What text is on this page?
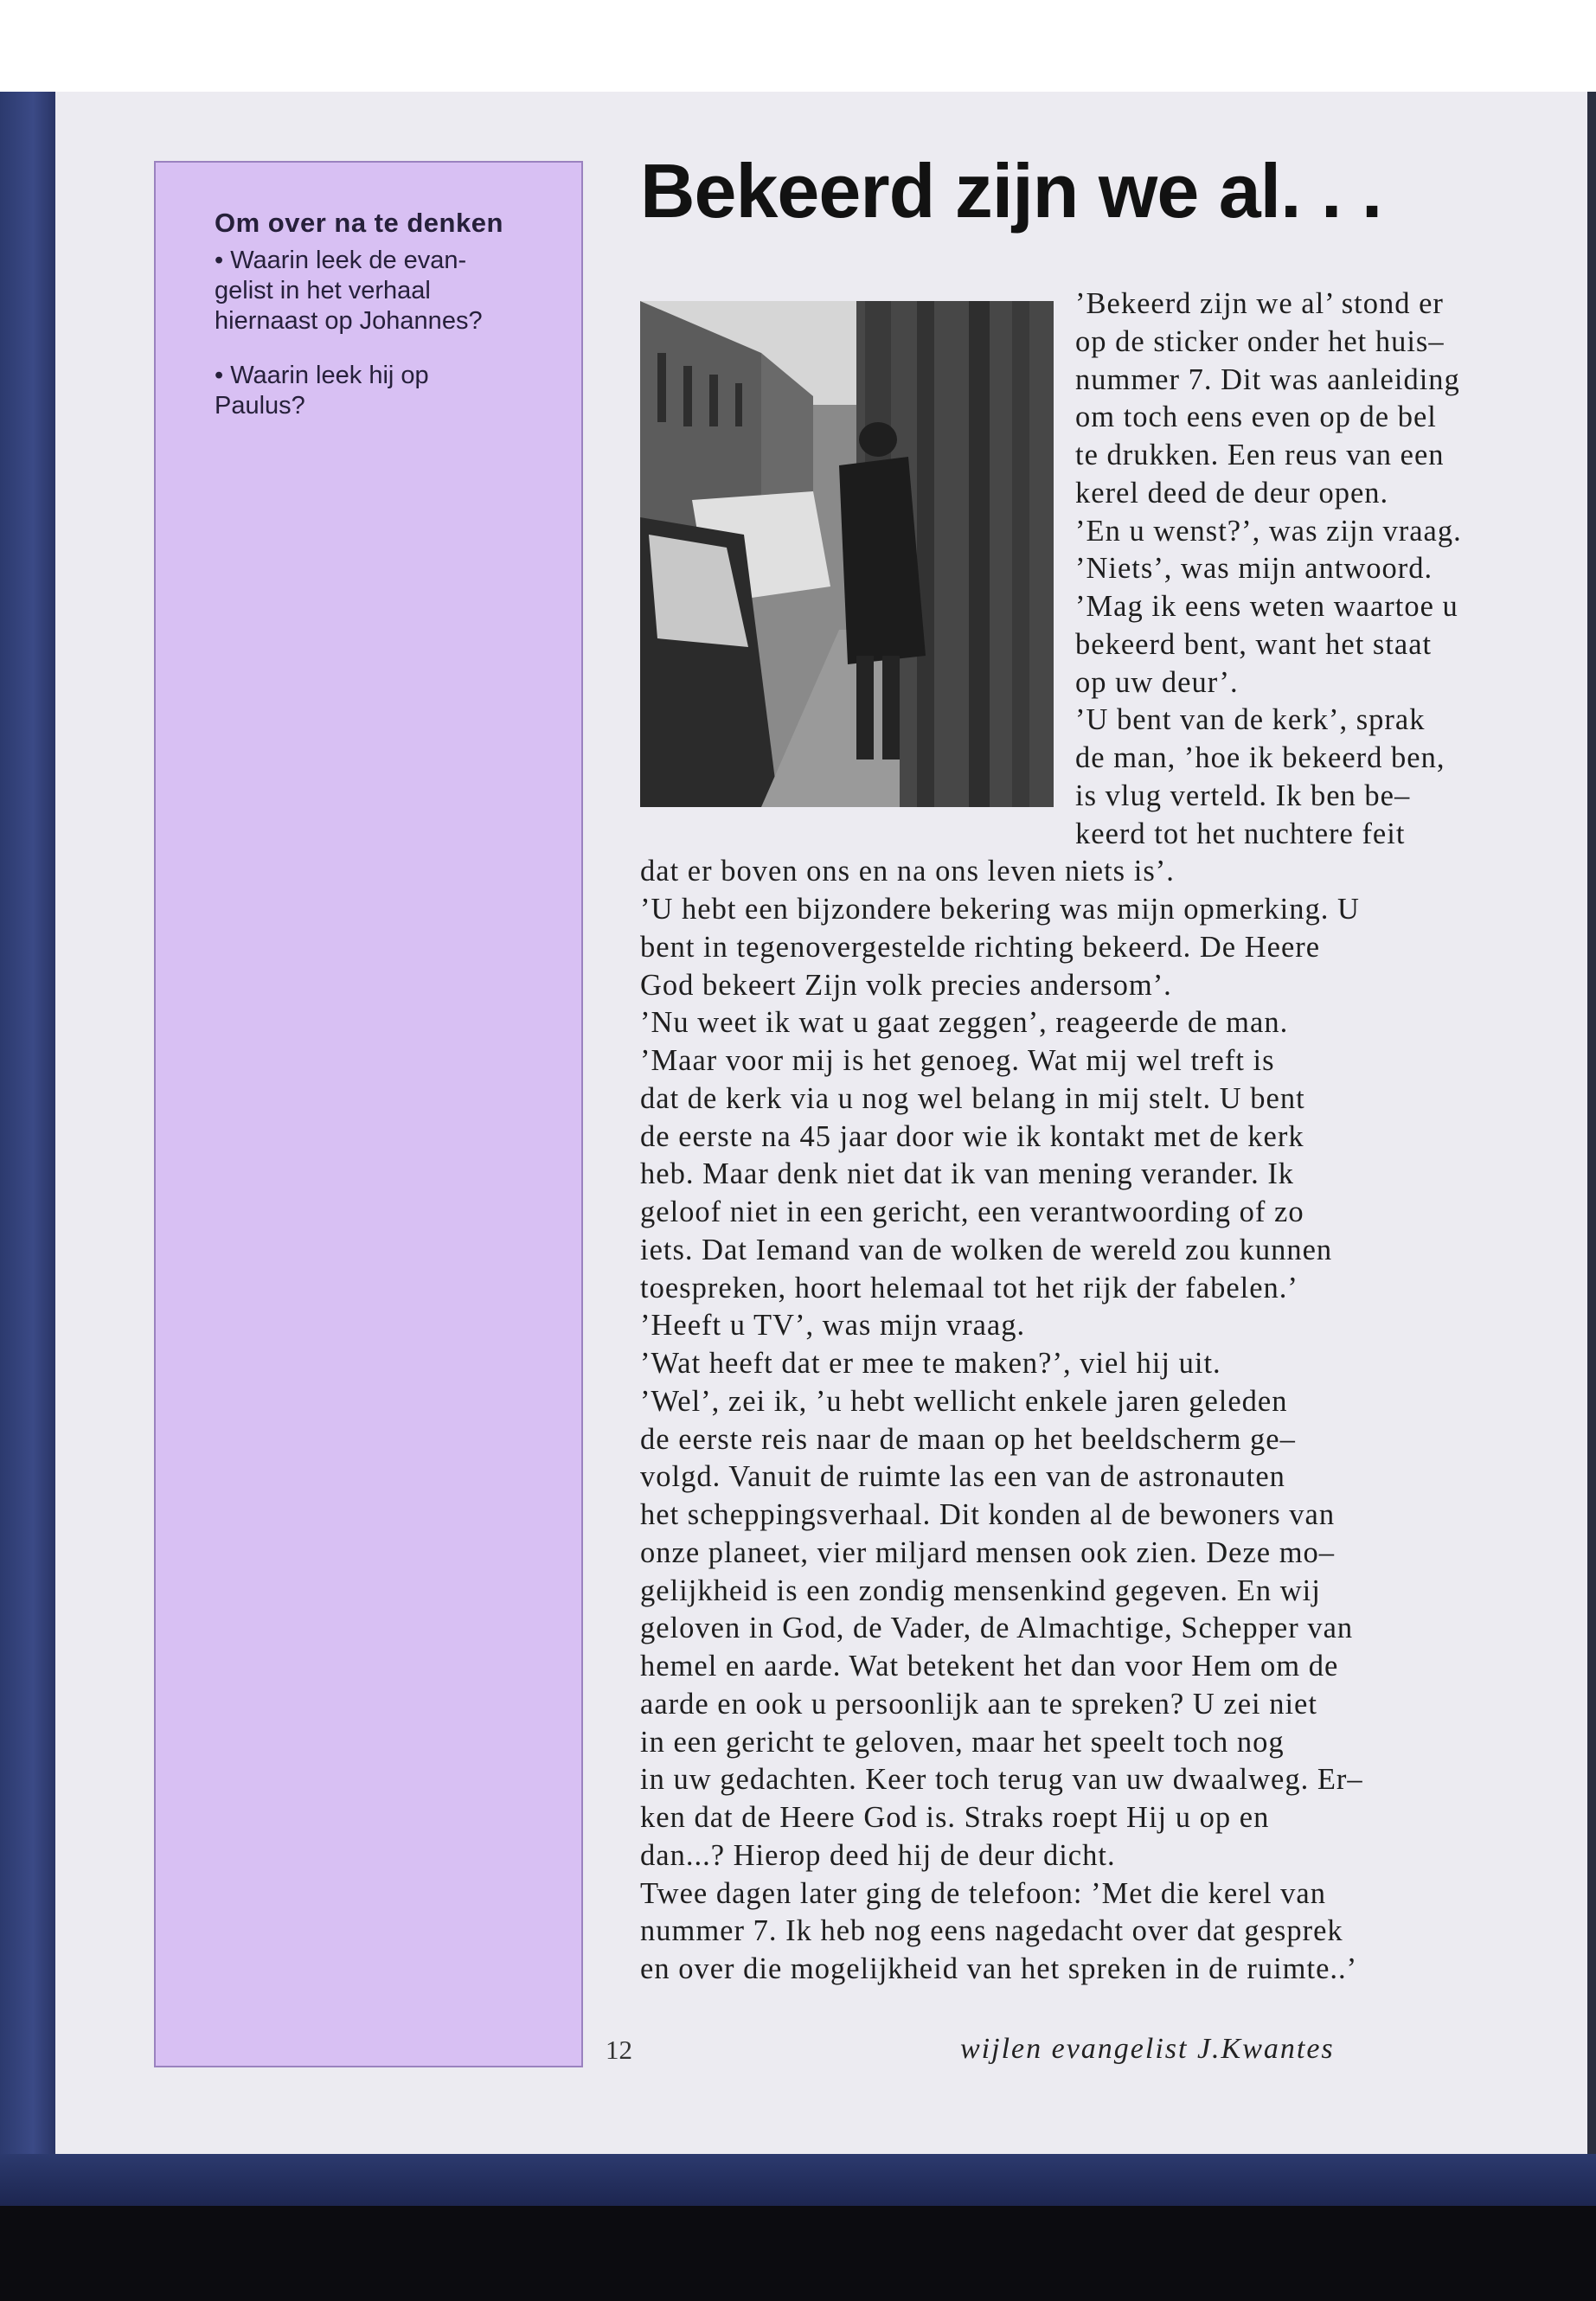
Om over na te denken
• Waarin leek de evan-
gelist in het verhaal
hiernaast op Johannes?
• Waarin leek hij op
Paulus?
Bekeerd zijn we al. . .
’Bekeerd zijn we al’ stond er
op de sticker onder het huis–
nummer 7. Dit was aanleiding
om toch eens even op de bel
te drukken. Een reus van een
kerel deed de deur open.
’En u wenst?’, was zijn vraag.
’Niets’, was mijn antwoord.
’Mag ik eens weten waartoe u
bekeerd bent, want het staat
op uw deur’.
’U bent van de kerk’, sprak
de man, ’hoe ik bekeerd ben,
is vlug verteld. Ik ben be–
keerd tot het nuchtere feit
dat er boven ons en na ons leven niets is’.
’U hebt een bijzondere bekering was mijn opmerking. U
bent in tegenovergestelde richting bekeerd. De Heere
God bekeert Zijn volk precies andersom’.
’Nu weet ik wat u gaat zeggen’, reageerde de man.
’Maar voor mij is het genoeg. Wat mij wel treft is
dat de kerk via u nog wel belang in mij stelt. U bent
de eerste na 45 jaar door wie ik kontakt met de kerk
heb. Maar denk niet dat ik van mening verander. Ik
geloof niet in een gericht, een verantwoording of zo
iets. Dat Iemand van de wolken de wereld zou kunnen
toespreken, hoort helemaal tot het rijk der fabelen.’
’Heeft u TV’, was mijn vraag.
’Wat heeft dat er mee te maken?’, viel hij uit.
’Wel’, zei ik, ’u hebt wellicht enkele jaren geleden
de eerste reis naar de maan op het beeldscherm ge–
volgd. Vanuit de ruimte las een van de astronauten
het scheppingsverhaal. Dit konden al de bewoners van
onze planeet, vier miljard mensen ook zien. Deze mo–
gelijkheid is een zondig mensenkind gegeven. En wij
geloven in God, de Vader, de Almachtige, Schepper van
hemel en aarde. Wat betekent het dan voor Hem om de
aarde en ook u persoonlijk aan te spreken? U zei niet
in een gericht te geloven, maar het speelt toch nog
in uw gedachten. Keer toch terug van uw dwaalweg. Er–
ken dat de Heere God is. Straks roept Hij u op en
dan...? Hierop deed hij de deur dicht.
Twee dagen later ging de telefoon: ’Met die kerel van
nummer 7. Ik heb nog eens nagedacht over dat gesprek
en over die mogelijkheid van het spreken in de ruimte..’
12	wijlen evangelist J.Kwantes
